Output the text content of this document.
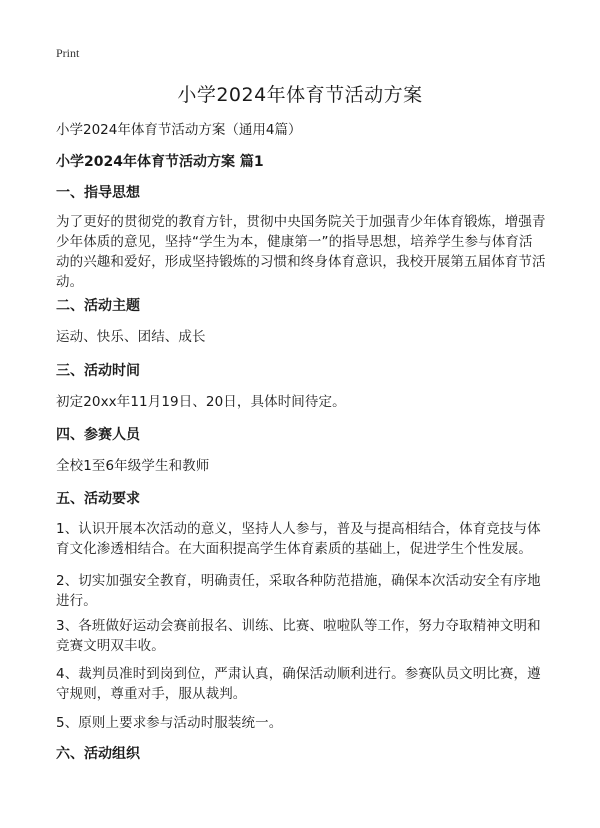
Print
小学2024年体育节活动方案
小学2024年体育节活动方案（通用4篇）
小学2024年体育节活动方案 篇1
一、指导思想
为了更好的贯彻党的教育方针，贯彻中央国务院关于加强青少年体育锻炼，增强青少年体质的意见，坚持“学生为本，健康第一”的指导思想，培养学生参与体育活动的兴趣和爱好，形成坚持锻炼的习惯和终身体育意识，我校开展第五届体育节活动。
二、活动主题
运动、快乐、团结、成长
三、活动时间
初定20xx年11月19日、20日，具体时间待定。
四、参赛人员
全校1至6年级学生和教师
五、活动要求
1、认识开展本次活动的意义，坚持人人参与，普及与提高相结合，体育竞技与体育文化渗透相结合。在大面积提高学生体育素质的基础上，促进学生个性发展。
2、切实加强安全教育，明确责任，采取各种防范措施，确保本次活动安全有序地进行。
3、各班做好运动会赛前报名、训练、比赛、啦啦队等工作，努力夺取精神文明和竞赛文明双丰收。
4、裁判员准时到岗到位，严肃认真，确保活动顺利进行。参赛队员文明比赛，遵守规则，尊重对手，服从裁判。
5、原则上要求参与活动时服装统一。
六、活动组织
